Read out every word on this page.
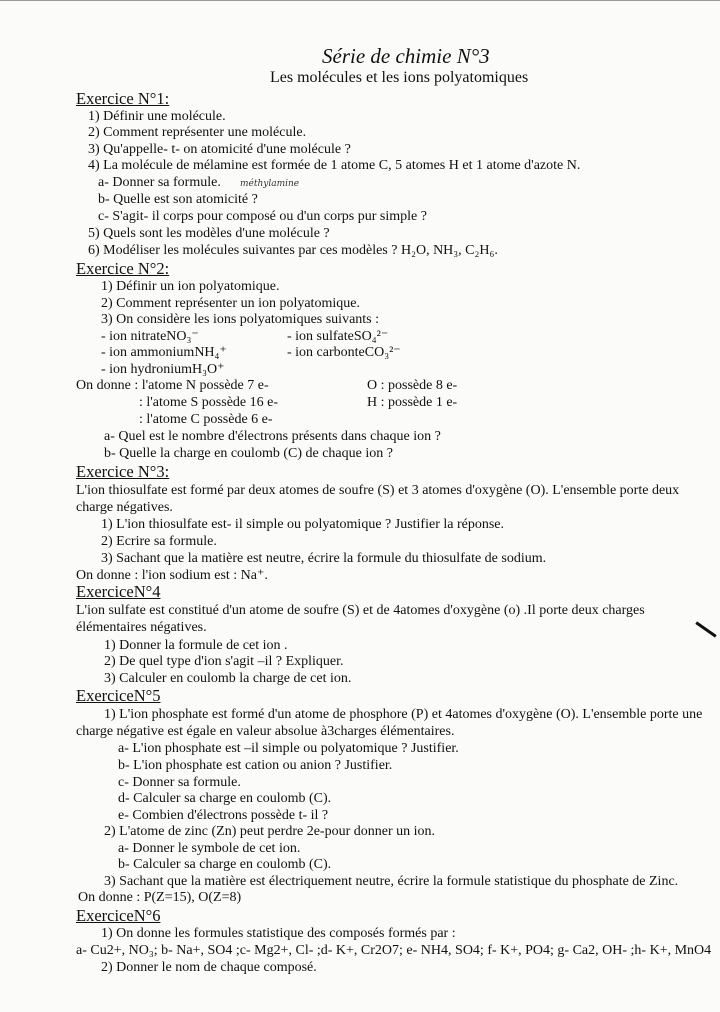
Série de chimie N°3
Les molécules et les ions polyatomiques
Exercice N°1:
1) Définir une molécule.
2) Comment représenter une molécule.
3) Qu'appelle- t- on atomicité d'une molécule ?
4) La molécule de mélamine est formée de 1 atome C, 5 atomes H et 1 atome d'azote N.
a- Donner sa formule. méthylamine
b- Quelle est son atomicité ?
c- S'agit- il corps pour composé ou d'un corps pur simple ?
5) Quels sont les modèles d'une molécule ?
6) Modéliser les molécules suivantes par ces modèles ? H₂O, NH₃, C₂H₆.
Exercice N°2:
1) Définir un ion polyatomique.
2) Comment représenter un ion polyatomique.
3) On considère les ions polyatomiques suivants :
- ion nitrateNO₃⁻	- ion sulfateSO₄²⁻
- ion ammoniumNH₄⁺	- ion carbonteCO₃²⁻
- ion hydroniumH₃O⁺
On donne : l'atome N possède 7 e-	O : possède 8 e-
: l'atome S possède 16 e-	H : possède 1 e-
: l'atome C possède 6 e-
a- Quel est le nombre d'électrons présents dans chaque ion ?
b- Quelle la charge en coulomb (C) de chaque ion ?
Exercice N°3:
L'ion thiosulfate est formé par deux atomes de soufre (S) et 3 atomes d'oxygène (O). L'ensemble porte deux
charge négatives.
1) L'ion thiosulfate est- il simple ou polyatomique ? Justifier la réponse.
2) Ecrire sa formule.
3) Sachant que la matière est neutre, écrire la formule du thiosulfate de sodium.
On donne : l'ion sodium est : Na⁺.
ExerciceN°4
L'ion sulfate est constitué d'un atome de soufre (S) et de 4atomes d'oxygène (o) .Il porte deux charges
élémentaires négatives.
1) Donner la formule de cet ion .
2) De quel type d'ion s'agit –il ? Expliquer.
3) Calculer en coulomb la charge de cet ion.
ExerciceN°5
1) L'ion phosphate est formé d'un atome de phosphore (P) et 4atomes d'oxygène (O). L'ensemble porte une
charge négative est égale en valeur absolue à3charges élémentaires.
a- L'ion phosphate est –il simple ou polyatomique ? Justifier.
b- L'ion phosphate est cation ou anion ? Justifier.
c- Donner sa formule.
d- Calculer sa charge en coulomb (C).
e- Combien d'électrons possède t- il ?
2) L'atome de zinc (Zn) peut perdre 2e-pour donner un ion.
a- Donner le symbole de cet ion.
b- Calculer sa charge en coulomb (C).
3) Sachant que la matière est électriquement neutre, écrire la formule statistique du phosphate de Zinc.
On donne : P(Z=15), O(Z=8)
ExerciceN°6
1) On donne les formules statistique des composés formés par :
a- Cu2+, NO₃; b- Na+, SO4 ;c- Mg2+, Cl- ;d- K+, Cr2O7; e- NH4, SO4; f- K+, PO4; g- Ca2, OH- ;h- K+, MnO4
2) Donner le nom de chaque composé.
